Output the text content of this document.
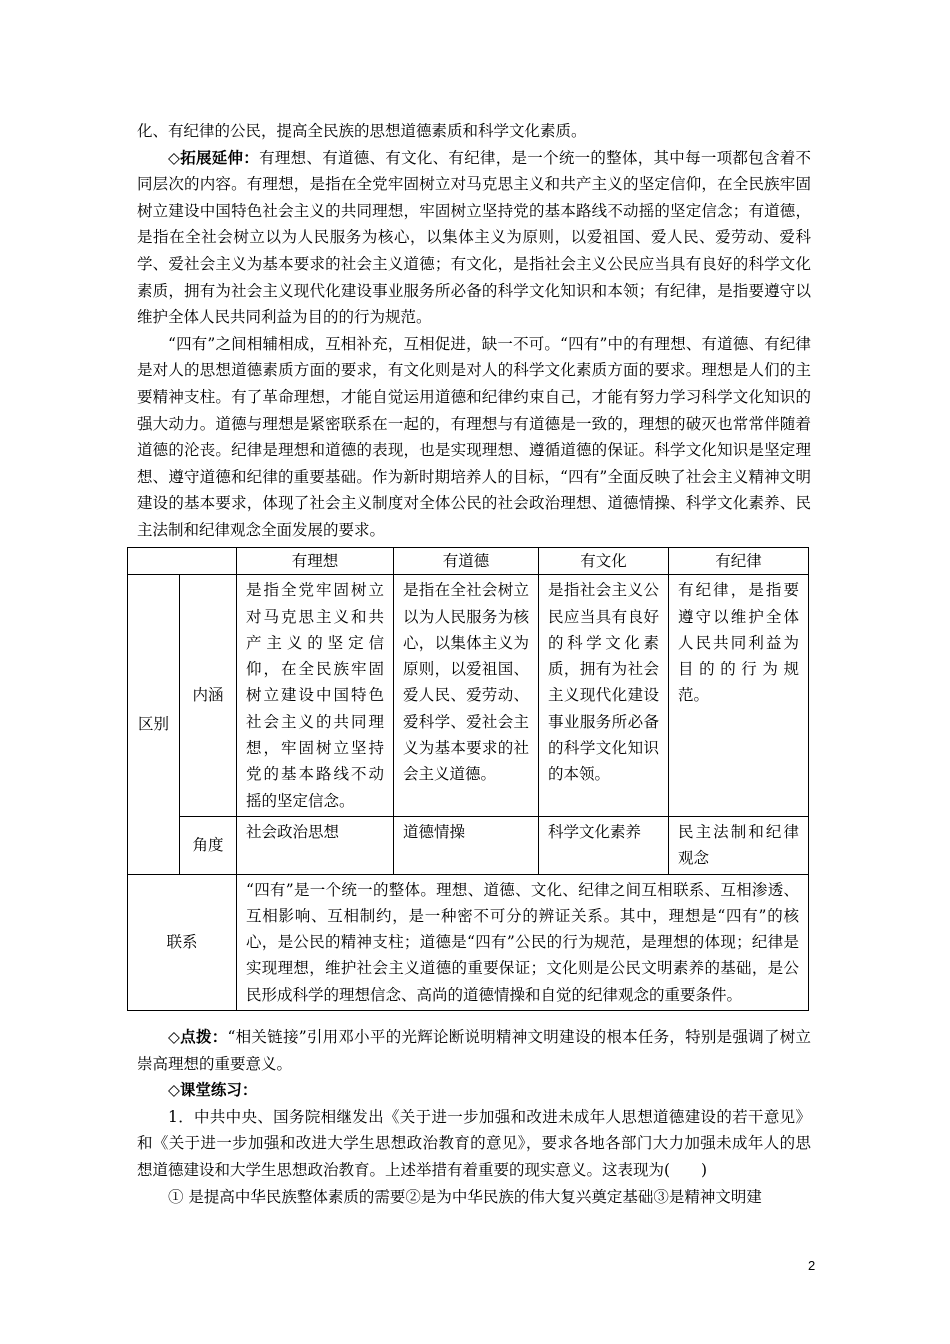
化、有纪律的公民，提高全民族的思想道德素质和科学文化素质。

◇拓展延伸：有理想、有道德、有文化、有纪律，是一个统一的整体，其中每一项都包含着不同层次的内容。有理想，是指在全党牢固树立对马克思主义和共产主义的坚定信仰，在全民族牢固树立建设中国特色社会主义的共同理想，牢固树立坚持党的基本路线不动摇的坚定信念；有道德，是指在全社会树立以为人民服务为核心，以集体主义为原则，以爱祖国、爱人民、爱劳动、爱科学、爱社会主义为基本要求的社会主义道德；有文化，是指社会主义公民应当具有良好的科学文化素质，拥有为社会主义现代化建设事业服务所必备的科学文化知识和本领；有纪律，是指要遵守以维护全体人民共同利益为目的的行为规范。

“四有”之间相辅相成，互相补充，互相促进，缺一不可。“四有”中的有理想、有道德、有纪律是对人的思想道德素质方面的要求，有文化则是对人的科学文化素质方面的要求。理想是人们的主要精神支柱。有了革命理想，才能自觉运用道德和纪律约束自己，才能有努力学习科学文化知识的强大动力。道德与理想是紧密联系在一起的，有理想与有道德是一致的，理想的破灭也常常伴随着道德的沦丧。纪律是理想和道德的表现，也是实现理想、遵循道德的保证。科学文化知识是坚定理想、遵守道德和纪律的重要基础。作为新时期培养人的目标，“四有”全面反映了社会主义精神文明建设的基本要求，体现了社会主义制度对全体公民的社会政治理想、道德情操、科学文化素养、民主法制和纪律观念全面发展的要求。

		有理想	有道德	有文化	有纪律
区别	内涵	是指全党牢固树立对马克思主义和共产主义的坚定信仰，在全民族牢固树立建设中国特色社会主义的共同理想，牢固树立坚持党的基本路线不动摇的坚定信念。	是指在全社会树立以为人民服务为核心，以集体主义为原则，以爱祖国、爱人民、爱劳动、爱科学、爱社会主义为基本要求的社会主义道德。	是指社会主义公民应当具有良好的科学文化素质，拥有为社会主义现代化建设事业服务所必备的科学文化知识的本领。	有纪律，是指要遵守以维护全体人民共同利益为目的的行为规范。
	角度	社会政治思想	道德情操	科学文化素养	民主法制和纪律观念
联系		“四有”是一个统一的整体。理想、道德、文化、纪律之间互相联系、互相渗透、互相影响、互相制约，是一种密不可分的辨证关系。其中，理想是“四有”的核心，是公民的精神支柱；道德是“四有”公民的行为规范，是理想的体现；纪律是实现理想，维护社会主义道德的重要保证；文化则是公民文明素养的基础，是公民形成科学的理想信念、高尚的道德情操和自觉的纪律观念的重要条件。			

◇点拨：“相关链接”引用邓小平的光辉论断说明精神文明建设的根本任务，特别是强调了树立崇高理想的重要意义。

◇课堂练习：

1．中共中央、国务院相继发出《关于进一步加强和改进未成年人思想道德建设的若干意见》和《关于进一步加强和改进大学生思想政治教育的意见》，要求各地各部门大力加强未成年人的思想道德建设和大学生思想政治教育。上述举措有着重要的现实意义。这表现为(　　)

① 是提高中华民族整体素质的需要②是为中华民族的伟大复兴奠定基础③是精神文明建

2
